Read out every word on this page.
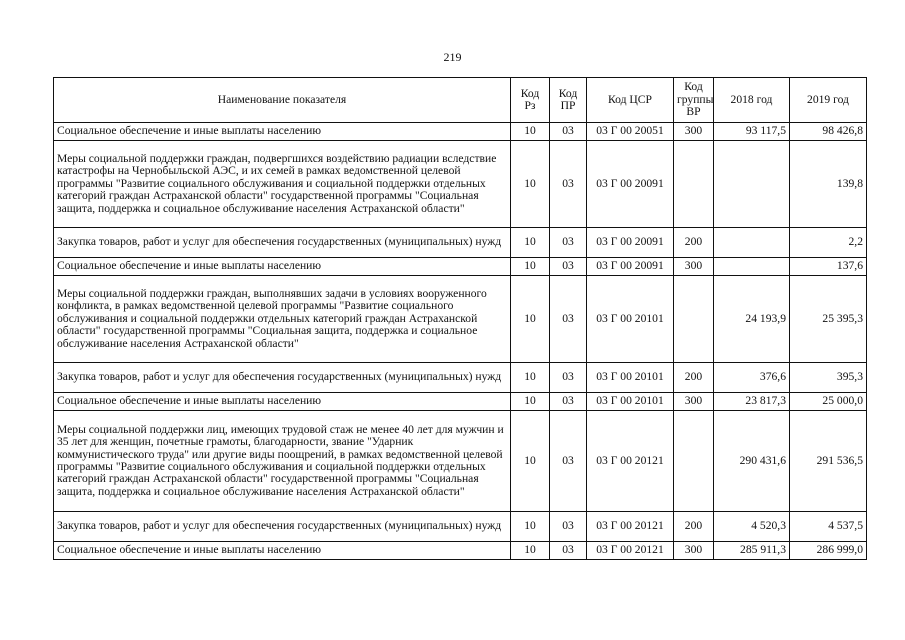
219
Наименование показателя	Код Рз	Код ПР	Код ЦСР	Код группы ВР	2018 год	2019 год
Социальное обеспечение и иные выплаты населению	10	03	03 Г 00 20051	300	93 117,5	98 426,8
Меры социальной поддержки граждан, подвергшихся воздействию радиации вследствие катастрофы на Чернобыльской АЭС, и их семей в рамках ведомственной целевой программы "Развитие социального обслуживания и социальной поддержки отдельных категорий граждан Астраханской области" государственной программы "Социальная защита, поддержка и социальное обслуживание населения Астраханской области"	10	03	03 Г 00 20091			139,8
Закупка товаров, работ и услуг для обеспечения государственных (муниципальных) нужд	10	03	03 Г 00 20091	200		2,2
Социальное обеспечение и иные выплаты населению	10	03	03 Г 00 20091	300		137,6
Меры социальной поддержки граждан, выполнявших задачи в условиях вооруженного конфликта, в рамках ведомственной целевой программы "Развитие социального обслуживания и социальной поддержки отдельных категорий граждан Астраханской области" государственной программы "Социальная защита, поддержка и социальное обслуживание населения Астраханской области"	10	03	03 Г 00 20101		24 193,9	25 395,3
Закупка товаров, работ и услуг для обеспечения государственных (муниципальных) нужд	10	03	03 Г 00 20101	200	376,6	395,3
Социальное обеспечение и иные выплаты населению	10	03	03 Г 00 20101	300	23 817,3	25 000,0
Меры социальной поддержки лиц, имеющих трудовой стаж не менее 40 лет для мужчин и 35 лет для женщин, почетные грамоты, благодарности, звание "Ударник коммунистического труда" или другие виды поощрений, в рамках ведомственной целевой программы "Развитие социального обслуживания и социальной поддержки отдельных категорий граждан Астраханской области" государственной программы "Социальная защита, поддержка и социальное обслуживание населения Астраханской области"	10	03	03 Г 00 20121		290 431,6	291 536,5
Закупка товаров, работ и услуг для обеспечения государственных (муниципальных) нужд	10	03	03 Г 00 20121	200	4 520,3	4 537,5
Социальное обеспечение и иные выплаты населению	10	03	03 Г 00 20121	300	285 911,3	286 999,0
